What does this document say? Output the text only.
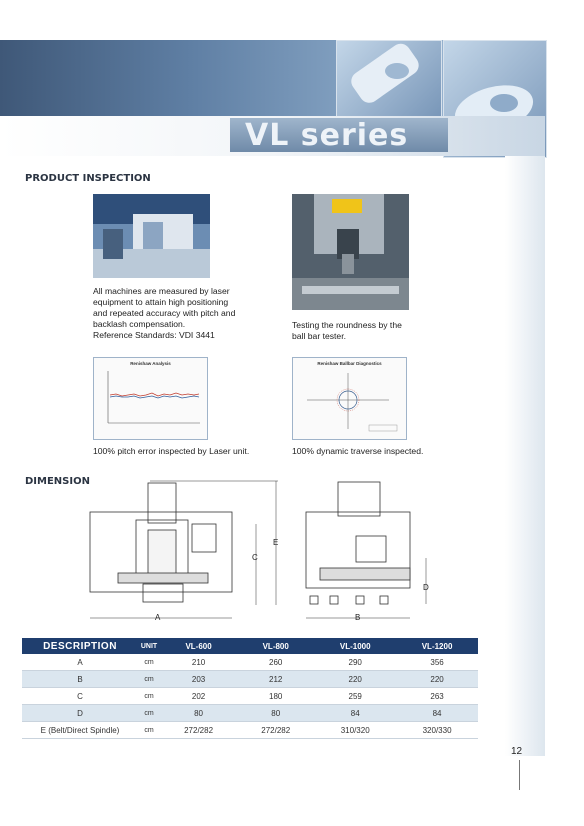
VL series
PRODUCT INSPECTION
All machines are measured by laser
equipment to attain high positioning
and repeated accuracy with pitch and
backlash compensation.
Reference Standards: VDI 3441
Testing the roundness by the
ball bar tester.
Renishaw Analysis	Renishaw Ballbar Diagnostics
100% pitch error inspected by Laser unit.	100% dynamic traverse inspected.
DIMENSION
A
C
E
B
D
DESCRIPTION	UNIT	VL-600	VL-800	VL-1000	VL-1200
A	cm	210	260	290	356
B	cm	203	212	220	220
C	cm	202	180	259	263
D	cm	80	80	84	84
E (Belt/Direct Spindle)	cm	272/282	272/282	310/320	320/330
12
